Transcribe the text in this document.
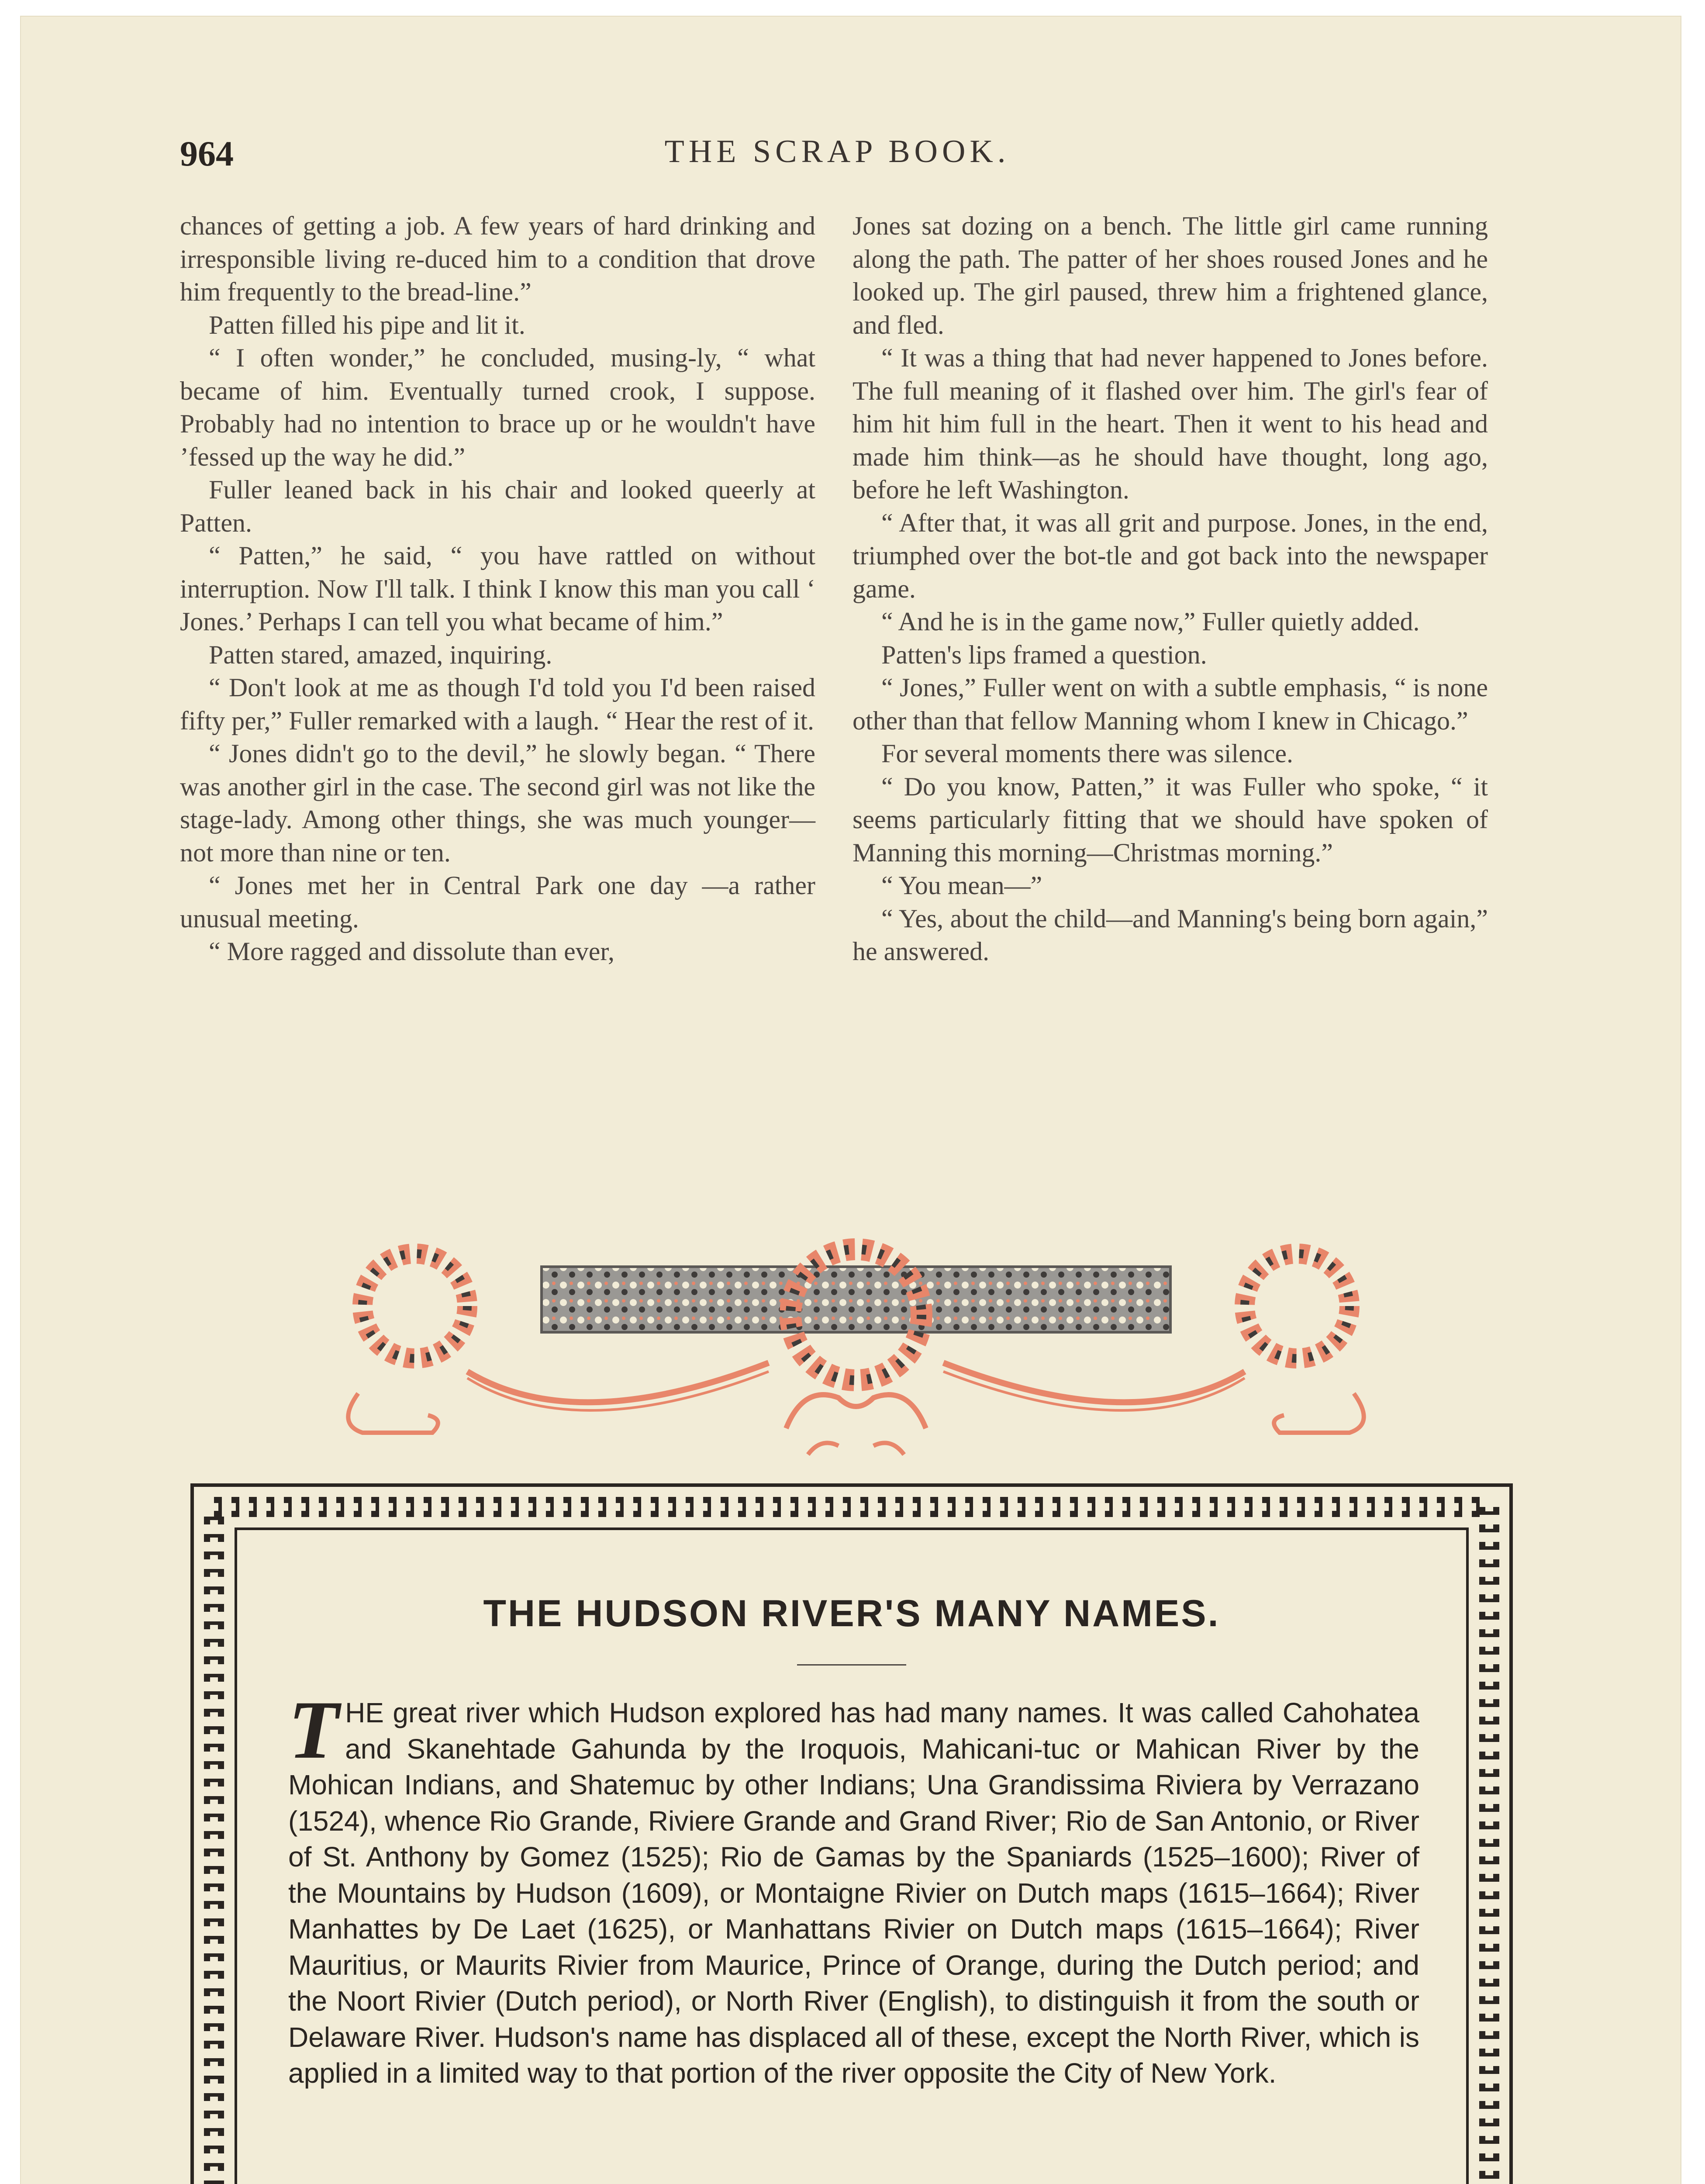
964	THE SCRAP BOOK.

chances of getting a job. A few years of hard drinking and irresponsible living re-duced him to a condition that drove him frequently to the bread-line.”

Patten filled his pipe and lit it.

“ I often wonder,” he concluded, musing-ly, “ what became of him. Eventually turned crook, I suppose. Probably had no intention to brace up or he wouldn't have ’fessed up the way he did.”

Fuller leaned back in his chair and looked queerly at Patten.

“ Patten,” he said, “ you have rattled on without interruption. Now I'll talk. I think I know this man you call ‘ Jones.’ Perhaps I can tell you what became of him.”

Patten stared, amazed, inquiring.

“ Don't look at me as though I'd told you I'd been raised fifty per,” Fuller remarked with a laugh. “ Hear the rest of it.

“ Jones didn't go to the devil,” he slowly began. “ There was another girl in the case. The second girl was not like the stage-lady. Among other things, she was much younger—not more than nine or ten.

“ Jones met her in Central Park one day —a rather unusual meeting.

“ More ragged and dissolute than ever,

Jones sat dozing on a bench. The little girl came running along the path. The patter of her shoes roused Jones and he looked up. The girl paused, threw him a frightened glance, and fled.

“ It was a thing that had never happened to Jones before. The full meaning of it flashed over him. The girl's fear of him hit him full in the heart. Then it went to his head and made him think—as he should have thought, long ago, before he left Washington.

“ After that, it was all grit and purpose. Jones, in the end, triumphed over the bot-tle and got back into the newspaper game.

“ And he is in the game now,” Fuller quietly added.

Patten's lips framed a question.

“ Jones,” Fuller went on with a subtle emphasis, “ is none other than that fellow Manning whom I knew in Chicago.”

For several moments there was silence.

“ Do you know, Patten,” it was Fuller who spoke, “ it seems particularly fitting that we should have spoken of Manning this morning—Christmas morning.”

“ You mean—”

“ Yes, about the child—and Manning's being born again,” he answered.

THE HUDSON RIVER'S MANY NAMES.
T HE great river which Hudson explored has had many names. It was called Cahohatea and Skanehtade Gahunda by the Iroquois, Mahicani-tuc or Mahican River by the Mohican Indians, and Shatemuc by other Indians; Una Grandissima Riviera by Verrazano (1524), whence Rio Grande, Riviere Grande and Grand River; Rio de San Antonio, or River of St. Anthony by Gomez (1525); Rio de Gamas by the Spaniards (1525–1600); River of the Mountains by Hudson (1609), or Montaigne Rivier on Dutch maps (1615–1664); River Manhattes by De Laet (1625), or Manhattans Rivier on Dutch maps (1615–1664); River Mauritius, or Maurits Rivier from Maurice, Prince of Orange, during the Dutch period; and the Noort Rivier (Dutch period), or North River (English), to distinguish it from the south or Delaware River. Hudson's name has displaced all of these, except the North River, which is applied in a limited way to that portion of the river opposite the City of New York.
